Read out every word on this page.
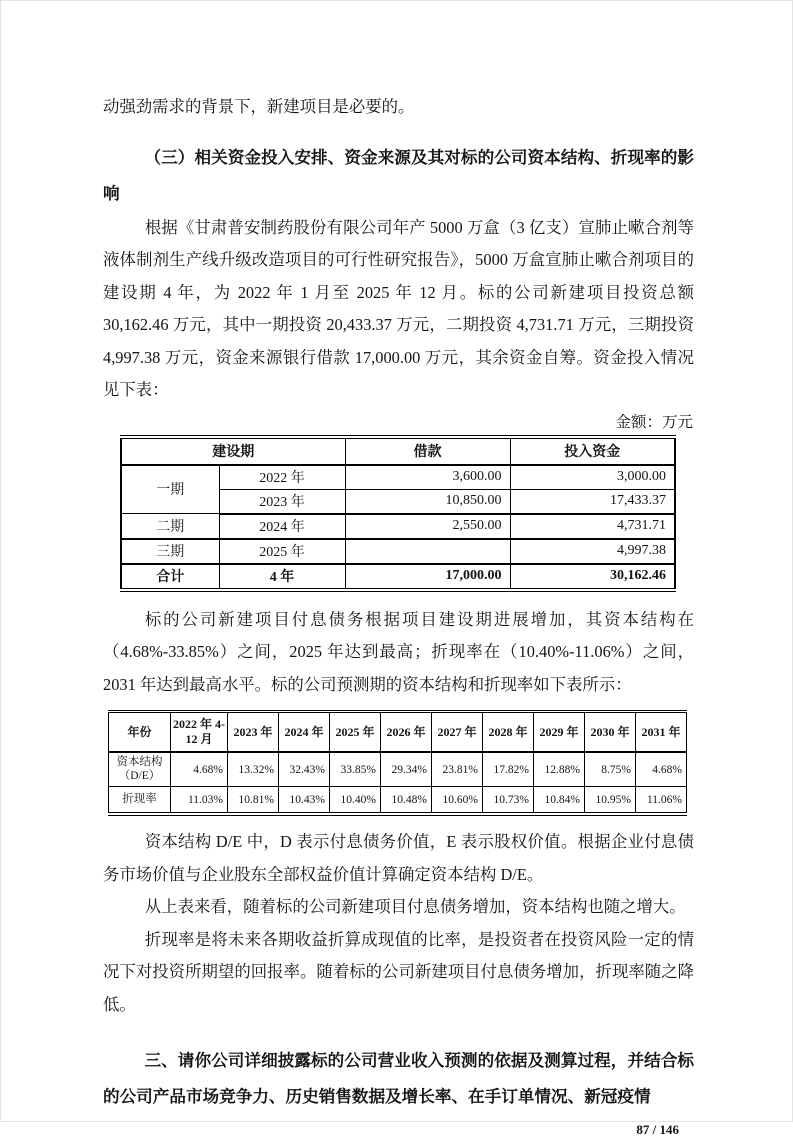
动强劲需求的背景下，新建项目是必要的。

（三）相关资金投入安排、资金来源及其对标的公司资本结构、折现率的影响

根据《甘肃普安制药股份有限公司年产 5000 万盒（3 亿支）宣肺止嗽合剂等液体制剂生产线升级改造项目的可行性研究报告》，5000 万盒宣肺止嗽合剂项目的建设期 4 年，为 2022 年 1 月至 2025 年 12 月。标的公司新建项目投资总额 30,162.46 万元，其中一期投资 20,433.37 万元，二期投资 4,731.71 万元，三期投资 4,997.38 万元，资金来源银行借款 17,000.00 万元，其余资金自筹。资金投入情况见下表：

金额：万元
建设期		借款	投入资金
一期	2022 年	3,600.00	3,000.00
	2023 年	10,850.00	17,433.37
二期	2024 年	2,550.00	4,731.71
三期	2025 年		4,997.38
合计	4 年	17,000.00	30,162.46

标的公司新建项目付息债务根据项目建设期进展增加，其资本结构在（4.68%-33.85%）之间，2025 年达到最高；折现率在（10.40%-11.06%）之间，2031 年达到最高水平。标的公司预测期的资本结构和折现率如下表所示：

年份	2022 年 4-12 月	2023 年	2024 年	2025 年	2026 年	2027 年	2028 年	2029 年	2030 年	2031 年
资本结构（D/E）	4.68%	13.32%	32.43%	33.85%	29.34%	23.81%	17.82%	12.88%	8.75%	4.68%
折现率	11.03%	10.81%	10.43%	10.40%	10.48%	10.60%	10.73%	10.84%	10.95%	11.06%

资本结构 D/E 中，D 表示付息债务价值，E 表示股权价值。根据企业付息债务市场价值与企业股东全部权益价值计算确定资本结构 D/E。

从上表来看，随着标的公司新建项目付息债务增加，资本结构也随之增大。

折现率是将未来各期收益折算成现值的比率，是投资者在投资风险一定的情况下对投资所期望的回报率。随着标的公司新建项目付息债务增加，折现率随之降低。

三、请你公司详细披露标的公司营业收入预测的依据及测算过程，并结合标的公司产品市场竞争力、历史销售数据及增长率、在手订单情况、新冠疫情

87 / 146
